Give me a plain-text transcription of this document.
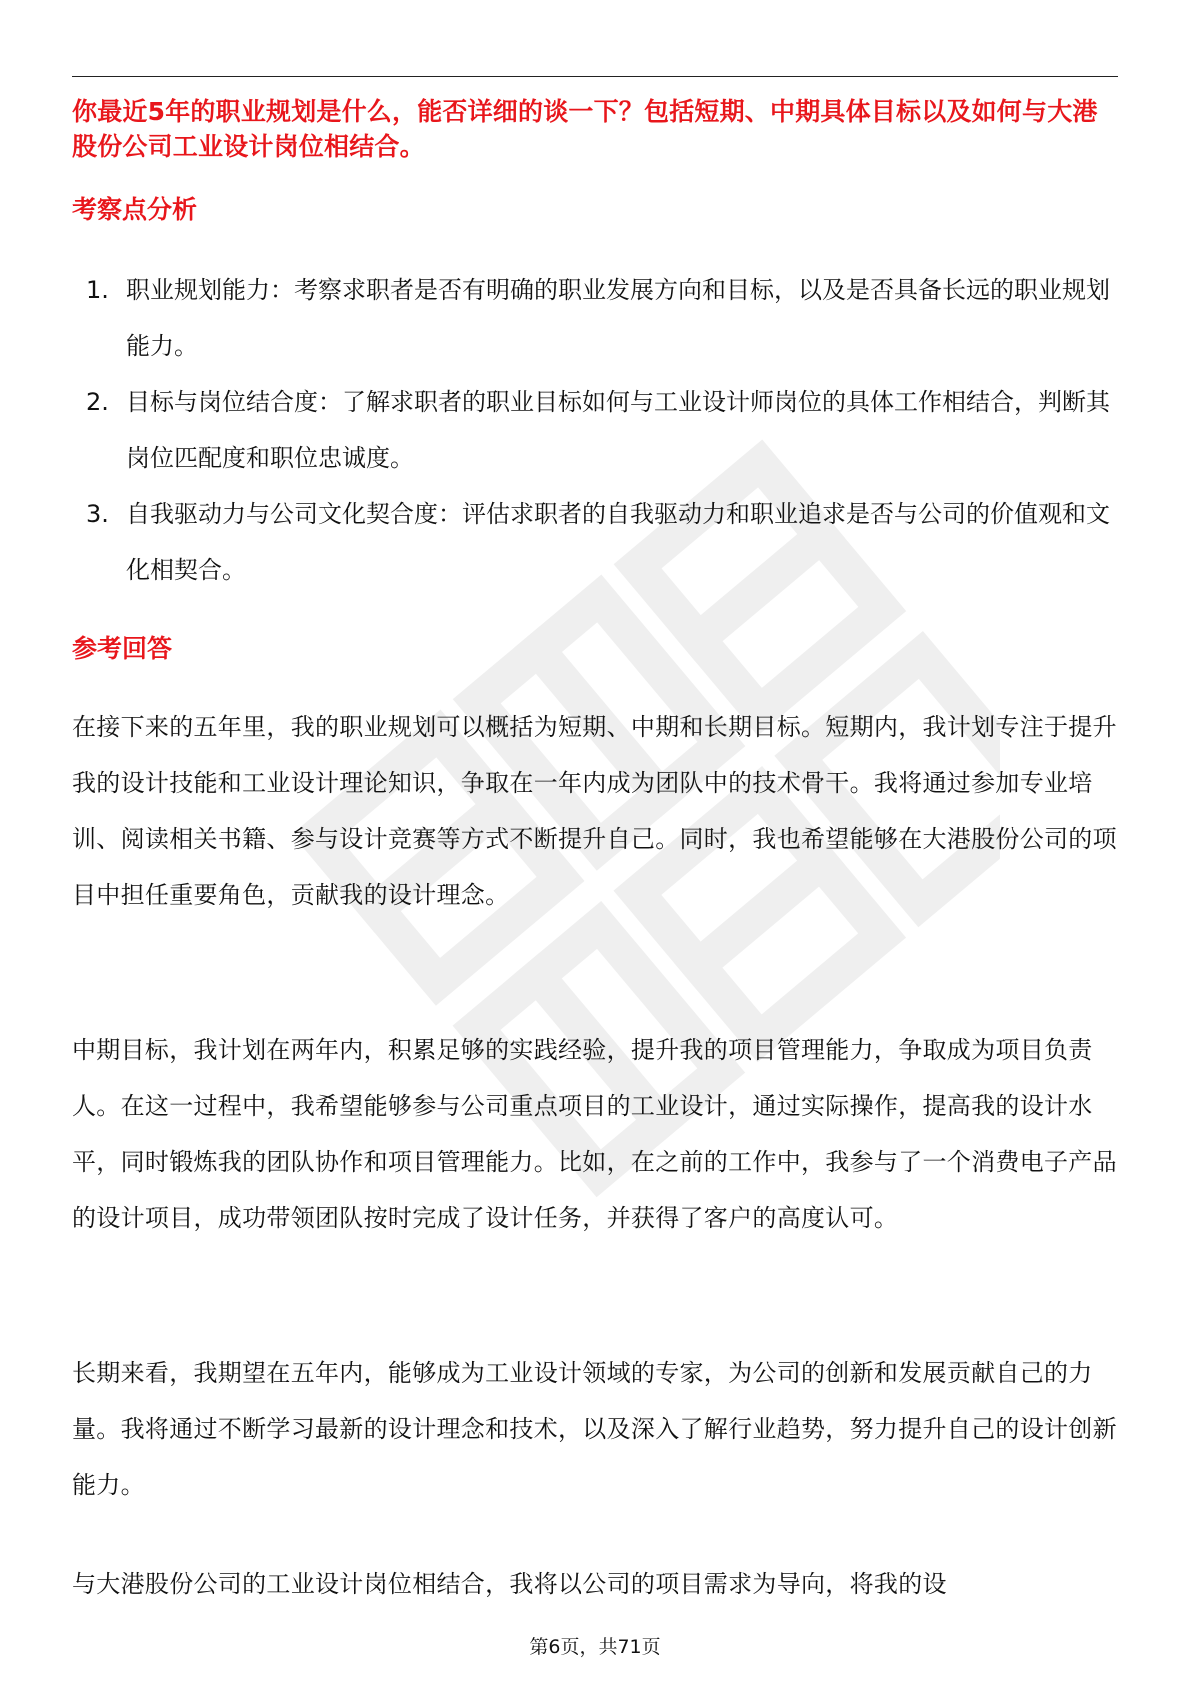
你最近5年的职业规划是什么，能否详细的谈一下？包括短期、中期具体目标以及如何与大港股份公司工业设计岗位相结合。

考察点分析
1. 职业规划能力：考察求职者是否有明确的职业发展方向和目标，以及是否具备长远的职业规划能力。
2. 目标与岗位结合度：了解求职者的职业目标如何与工业设计师岗位的具体工作相结合，判断其岗位匹配度和职位忠诚度。
3. 自我驱动力与公司文化契合度：评估求职者的自我驱动力和职业追求是否与公司的价值观和文化相契合。
参考回答

在接下来的五年里，我的职业规划可以概括为短期、中期和长期目标。短期内，我计划专注于提升我的设计技能和工业设计理论知识，争取在一年内成为团队中的技术骨干。我将通过参加专业培训、阅读相关书籍、参与设计竞赛等方式不断提升自己。同时，我也希望能够在大港股份公司的项目中担任重要角色，贡献我的设计理念。

中期目标，我计划在两年内，积累足够的实践经验，提升我的项目管理能力，争取成为项目负责人。在这一过程中，我希望能够参与公司重点项目的工业设计，通过实际操作，提高我的设计水平，同时锻炼我的团队协作和项目管理能力。比如，在之前的工作中，我参与了一个消费电子产品的设计项目，成功带领团队按时完成了设计任务，并获得了客户的高度认可。

长期来看，我期望在五年内，能够成为工业设计领域的专家，为公司的创新和发展贡献自己的力量。我将通过不断学习最新的设计理念和技术，以及深入了解行业趋势，努力提升自己的设计创新能力。

与大港股份公司的工业设计岗位相结合，我将以公司的项目需求为导向，将我的设

第6页，共71页
